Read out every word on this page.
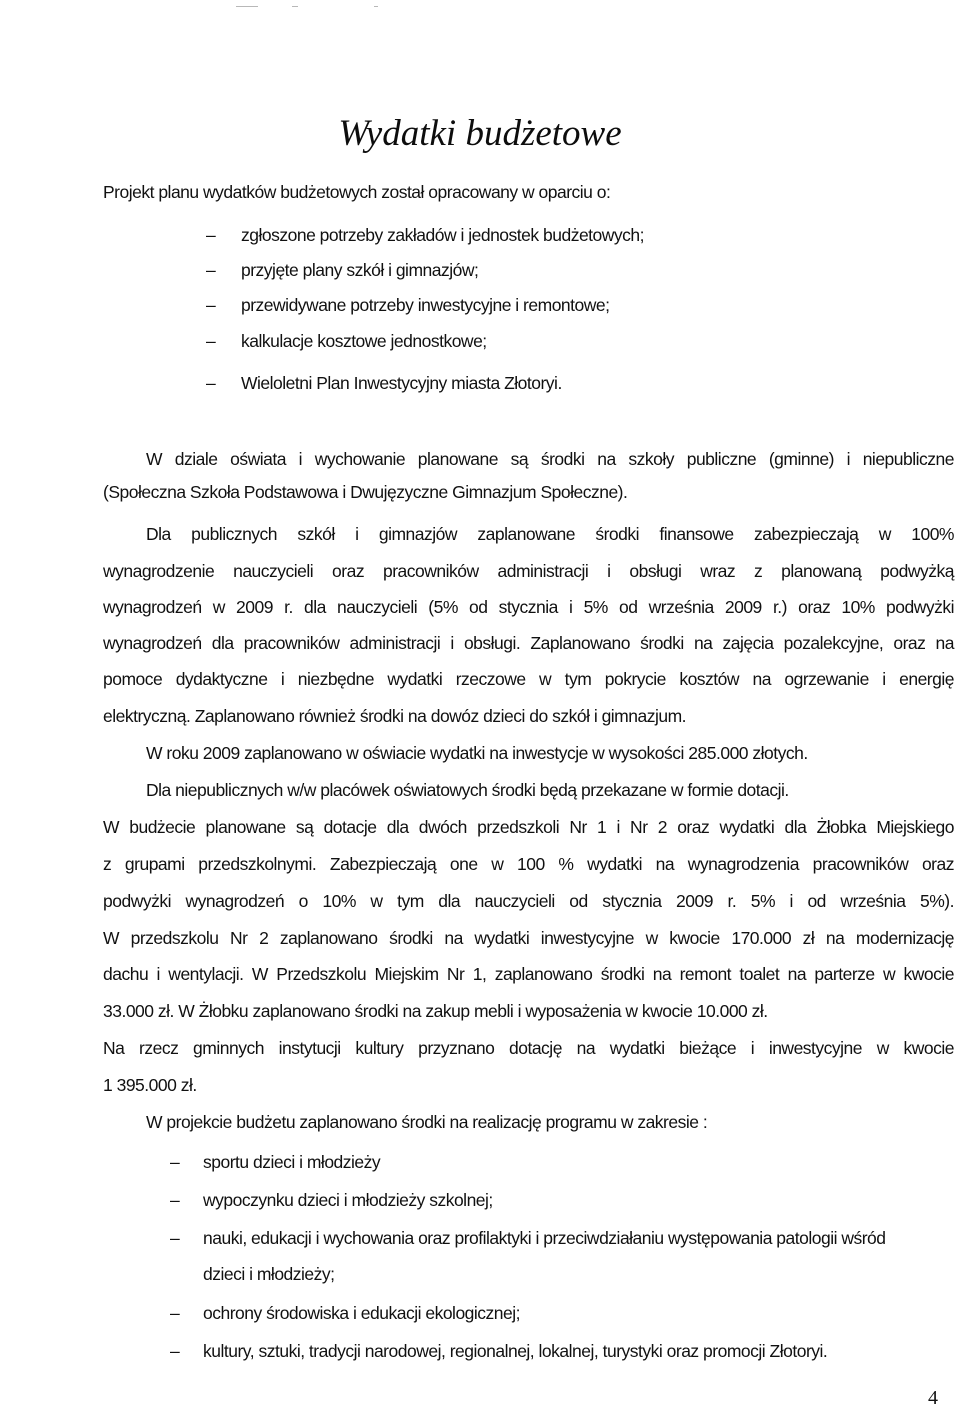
Wydatki budżetowe
Projekt planu wydatków budżetowych został opracowany w oparciu o:
– zgłoszone potrzeby zakładów i jednostek budżetowych;
– przyjęte plany szkół i gimnazjów;
– przewidywane potrzeby inwestycyjne i remontowe;
– kalkulacje kosztowe jednostkowe;
– Wieloletni Plan Inwestycyjny miasta Złotoryi.
W dziale oświata i wychowanie planowane są środki na szkoły publiczne (gminne) i niepubliczne
(Społeczna Szkoła Podstawowa i Dwujęzyczne Gimnazjum Społeczne).
Dla publicznych szkół i gimnazjów zaplanowane środki finansowe zabezpieczają w 100%
wynagrodzenie nauczycieli oraz pracowników administracji i obsługi wraz z planowaną podwyżką
wynagrodzeń w 2009 r. dla nauczycieli (5% od stycznia i 5% od września 2009 r.) oraz 10% podwyżki
wynagrodzeń dla pracowników administracji i obsługi. Zaplanowano środki na zajęcia pozalekcyjne, oraz na
pomoce dydaktyczne i niezbędne wydatki rzeczowe w tym pokrycie kosztów na ogrzewanie i energię
elektryczną. Zaplanowano również środki na dowóz dzieci do szkół i gimnazjum.
W roku 2009 zaplanowano w oświacie wydatki na inwestycje w wysokości 285.000 złotych.
Dla niepublicznych w/w placówek oświatowych środki będą przekazane w formie dotacji.
W budżecie planowane są dotacje dla dwóch przedszkoli Nr 1 i Nr 2 oraz wydatki dla Żłobka Miejskiego
z grupami przedszkolnymi. Zabezpieczają one w 100 % wydatki na wynagrodzenia pracowników oraz
podwyżki wynagrodzeń o 10% w tym dla nauczycieli od stycznia 2009 r. 5% i od września 5%).
W przedszkolu Nr 2 zaplanowano środki na wydatki inwestycyjne w kwocie 170.000 zł na modernizację
dachu i wentylacji. W Przedszkolu Miejskim Nr 1, zaplanowano środki na remont toalet na parterze w kwocie
33.000 zł. W Żłobku zaplanowano środki na zakup mebli i wyposażenia w kwocie 10.000 zł.
Na rzecz gminnych instytucji kultury przyznano dotację na wydatki bieżące i inwestycyjne w kwocie
1 395.000 zł.
W projekcie budżetu zaplanowano środki na realizację programu w zakresie :
– sportu dzieci i młodzieży
– wypoczynku dzieci i młodzieży szkolnej;
– nauki, edukacji i wychowania oraz profilaktyki i przeciwdziałaniu występowania patologii wśród
dzieci i młodzieży;
– ochrony środowiska i edukacji ekologicznej;
– kultury, sztuki, tradycji narodowej, regionalnej, lokalnej, turystyki oraz promocji Złotoryi.
4
